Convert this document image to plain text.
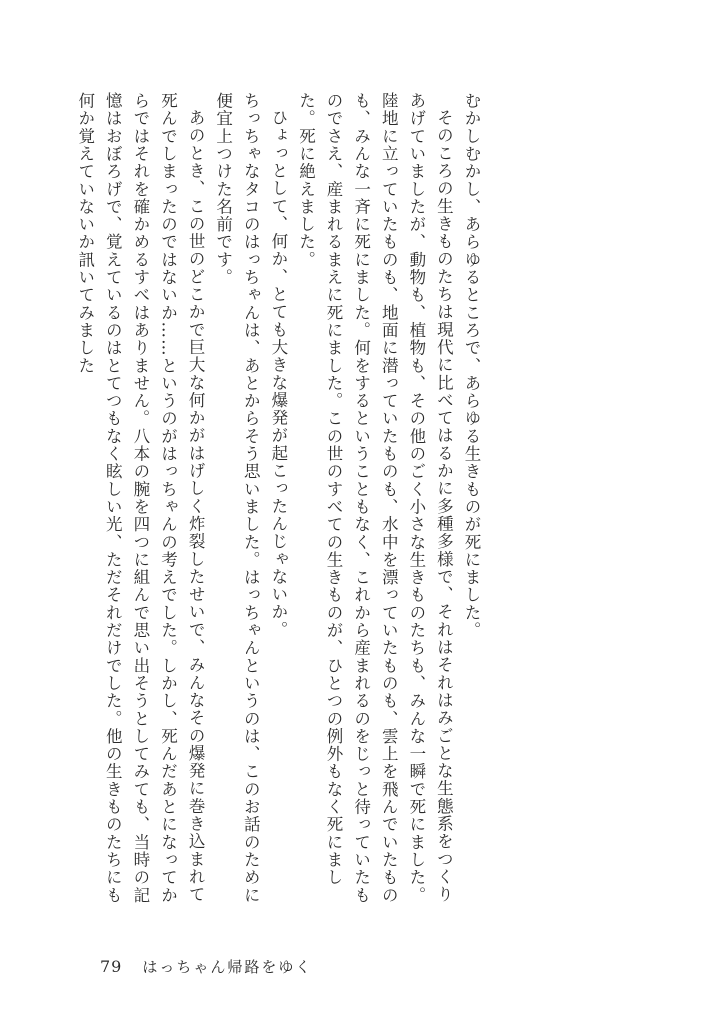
むかしむかし、あらゆるところで、あらゆる生きものが死にました。

そのころの生きものたちは現代に比べてはるかに多種多様で、それはそれはみごとな生態系をつくりあげていましたが、動物も、植物も、その他のごく小さな生きものたちも、みんな一瞬で死にました。陸地に立っていたものも、地面に潜っていたものも、水中を漂っていたものも、雲上を飛んでいたものも、みんな一斉に死にました。何をするということもなく、これから産まれるのをじっと待っていたものでさえ、産まれるまえに死にました。この世のすべての生きものが、ひとつの例外もなく死にました。死に絶えました。

ひょっとして、何か、とても大きな爆発が起こったんじゃないか。

ちっちゃなタコのはっちゃんは、あとからそう思いました。はっちゃんというのは、このお話のために便宜上つけた名前です。

あのとき、この世のどこかで巨大な何かがはげしく炸裂したせいで、みんなその爆発に巻き込まれて死んでしまったのではないか……というのがはっちゃんの考えでした。しかし、死んだあとになってからではそれを確かめるすべはありません。八本の腕を四つに組んで思い出そうとしてみても、当時の記憶はおぼろげで、覚えているのはとてつもなく眩しい光、ただそれだけでした。他の生きものたちにも何か覚えていないか訊いてみました

79 はっちゃん帰路をゆく
